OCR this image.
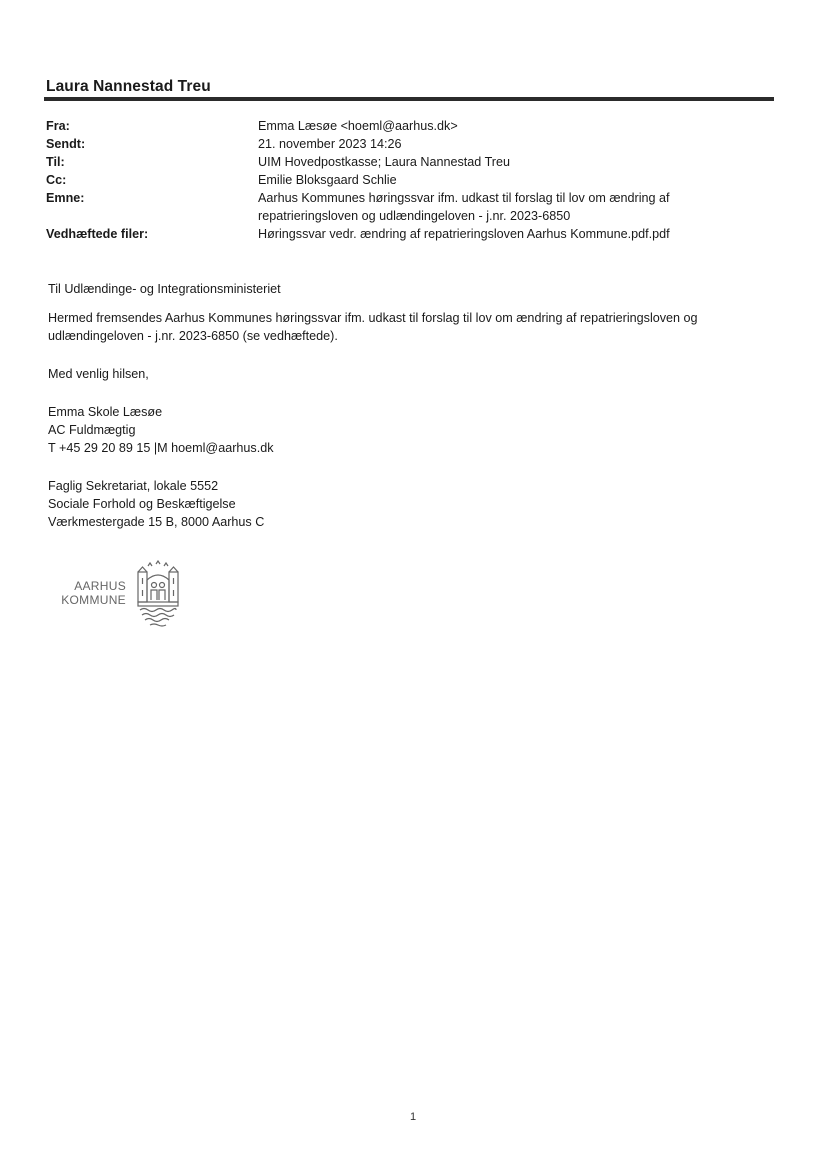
Laura Nannestad Treu
Fra:	Emma Læsøe <hoeml@aarhus.dk>
Sendt:	21. november 2023 14:26
Til:	UIM Hovedpostkasse; Laura Nannestad Treu
Cc:	Emilie Bloksgaard Schlie
Emne:	Aarhus Kommunes høringssvar ifm. udkast til forslag til lov om ændring af
repatrieringsloven og udlændingeloven - j.nr. 2023-6850
Vedhæftede filer:	Høringssvar vedr. ændring af repatrieringsloven Aarhus Kommune.pdf.pdf

Til Udlændinge- og Integrationsministeriet

Hermed fremsendes Aarhus Kommunes høringssvar ifm. udkast til forslag til lov om ændring af repatrieringsloven og udlændingeloven - j.nr. 2023-6850 (se vedhæftede).

Med venlig hilsen,

Emma Skole Læsøe

AC Fuldmægtig

T +45 29 20 89 15 |M hoeml@aarhus.dk

Faglig Sekretariat, lokale 5552

Sociale Forhold og Beskæftigelse

Værkmestergade 15 B, 8000 Aarhus C

AARHUS
KOMMUNE
1
